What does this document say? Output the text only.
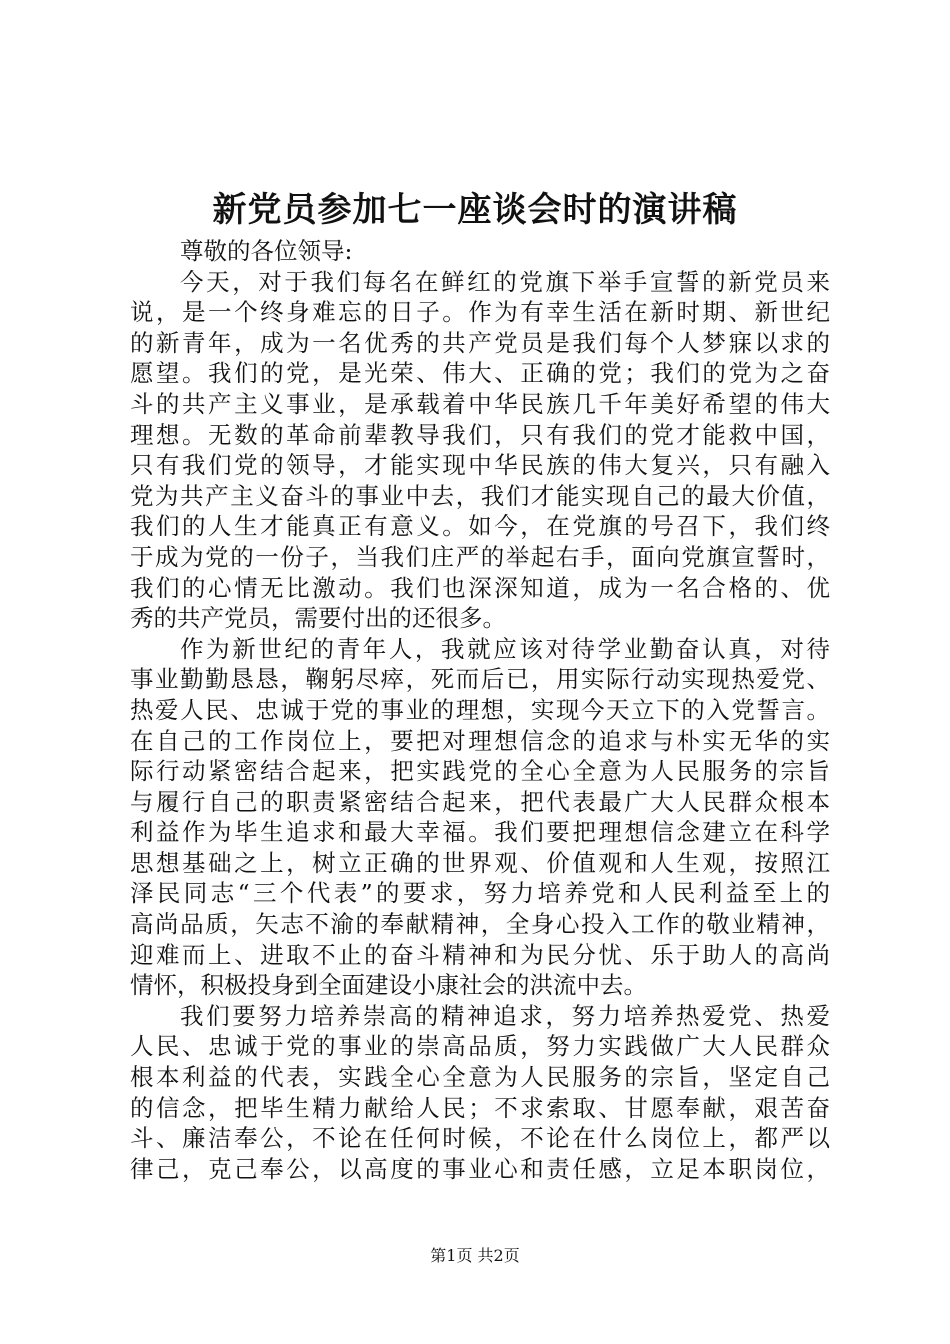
新党员参加七一座谈会时的演讲稿
尊敬的各位领导:
今天，对于我们每名在鲜红的党旗下举手宣誓的新党员来
说，是一个终身难忘的日子。作为有幸生活在新时期、新世纪
的新青年，成为一名优秀的共产党员是我们每个人梦寐以求的
愿望。我们的党，是光荣、伟大、正确的党；我们的党为之奋
斗的共产主义事业，是承载着中华民族几千年美好希望的伟大
理想。无数的革命前辈教导我们，只有我们的党才能救中国，
只有我们党的领导，才能实现中华民族的伟大复兴，只有融入
党为共产主义奋斗的事业中去，我们才能实现自己的最大价值，
我们的人生才能真正有意义。如今，在党旗的号召下，我们终
于成为党的一份子，当我们庄严的举起右手，面向党旗宣誓时，
我们的心情无比激动。我们也深深知道，成为一名合格的、优
秀的共产党员，需要付出的还很多。
作为新世纪的青年人，我就应该对待学业勤奋认真，对待
事业勤勤恳恳，鞠躬尽瘁，死而后已，用实际行动实现热爱党、
热爱人民、忠诚于党的事业的理想，实现今天立下的入党誓言。
在自己的工作岗位上，要把对理想信念的追求与朴实无华的实
际行动紧密结合起来，把实践党的全心全意为人民服务的宗旨
与履行自己的职责紧密结合起来，把代表最广大人民群众根本
利益作为毕生追求和最大幸福。我们要把理想信念建立在科学
思想基础之上，树立正确的世界观、价值观和人生观，按照江
泽民同志“三个代表”的要求，努力培养党和人民利益至上的
高尚品质，矢志不渝的奉献精神，全身心投入工作的敬业精神，
迎难而上、进取不止的奋斗精神和为民分忧、乐于助人的高尚
情怀，积极投身到全面建设小康社会的洪流中去。
我们要努力培养崇高的精神追求，努力培养热爱党、热爱
人民、忠诚于党的事业的崇高品质，努力实践做广大人民群众
根本利益的代表，实践全心全意为人民服务的宗旨，坚定自己
的信念，把毕生精力献给人民；不求索取、甘愿奉献，艰苦奋
斗、廉洁奉公，不论在任何时候，不论在什么岗位上，都严以
律己，克己奉公，以高度的事业心和责任感，立足本职岗位，
第1页 共2页
